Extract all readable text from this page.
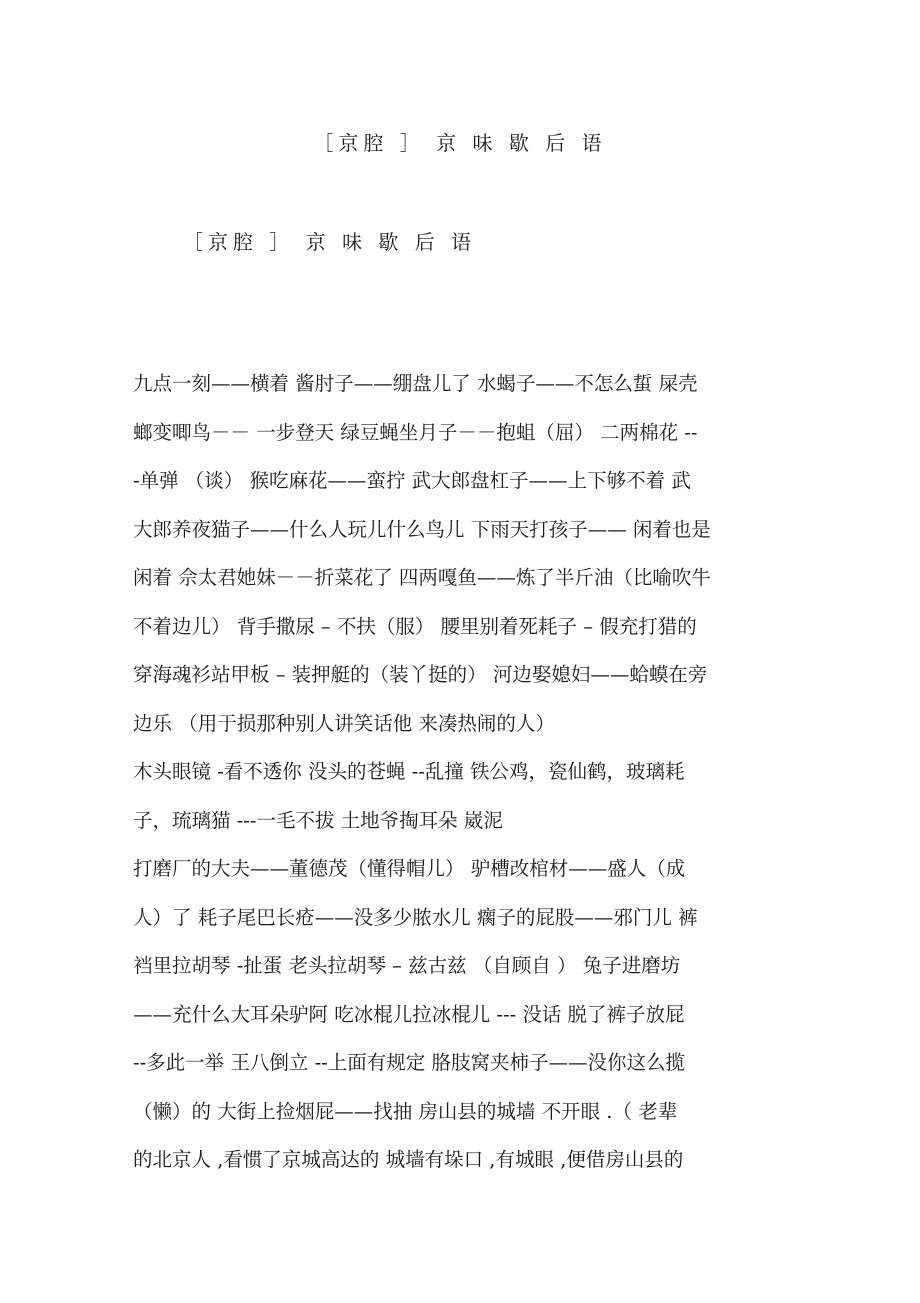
［京腔 ］ 京 味 歇 后 语
［京腔 ］ 京 味 歇 后 语
九点一刻——横着 酱肘子——绷盘儿了 水蝎子——不怎么蜇 屎壳
螂变唧鸟－－ 一步登天 绿豆蝇坐月子－－抱蛆（屈） 二两棉花 --
-单弹 （谈） 猴吃麻花——蛮拧 武大郎盘杠子——上下够不着 武
大郎养夜猫子——什么人玩儿什么鸟儿 下雨天打孩子—— 闲着也是
闲着 佘太君她妹－－折菜花了 四两嘎鱼——炼了半斤油（比喻吹牛
不着边儿） 背手撒尿 – 不扶（服） 腰里别着死耗子 – 假充打猎的
穿海魂衫站甲板 – 装押艇的（装丫挺的） 河边娶媳妇——蛤蟆在旁
边乐 （用于损那种别人讲笑话他 来凑热闹的人）
木头眼镜 -看不透你 没头的苍蝇 --乱撞 铁公鸡，瓷仙鹤，玻璃耗
子，琉璃猫 ---一毛不拔 土地爷掏耳朵 崴泥
打磨厂的大夫——董德茂（懂得帽儿） 驴槽改棺材——盛人（成
人）了 耗子尾巴长疮——没多少脓水儿 瘸子的屁股——邪门儿 裤
裆里拉胡琴 -扯蛋 老头拉胡琴 – 兹古兹 （自顾自 ） 兔子进磨坊
——充什么大耳朵驴阿 吃冰棍儿拉冰棍儿 --- 没话 脱了裤子放屁
--多此一举 王八倒立 --上面有规定 胳肢窝夹柿子——没你这么揽
（懒）的 大街上捡烟屁——找抽 房山县的城墙 不开眼 .（ 老辈
的北京人 ,看惯了京城高达的 城墙有垛口 ,有城眼 ,便借房山县的
